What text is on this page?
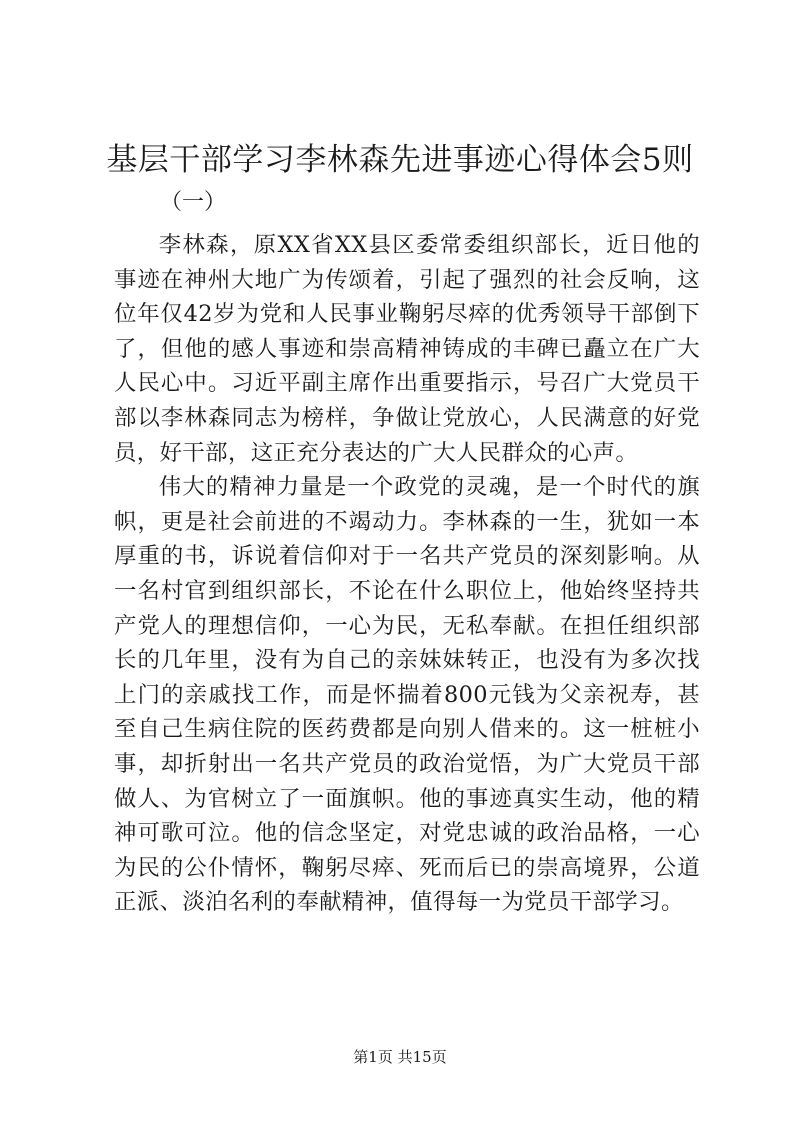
基层干部学习李林森先进事迹心得体会5则
（一）

李林森，原XX省XX县区委常委组织部长，近日他的事迹在神州大地广为传颂着，引起了强烈的社会反响，这位年仅42岁为党和人民事业鞠躬尽瘁的优秀领导干部倒下了，但他的感人事迹和崇高精神铸成的丰碑已矗立在广大人民心中。习近平副主席作出重要指示，号召广大党员干部以李林森同志为榜样，争做让党放心，人民满意的好党员，好干部，这正充分表达的广大人民群众的心声。

伟大的精神力量是一个政党的灵魂，是一个时代的旗帜，更是社会前进的不竭动力。李林森的一生，犹如一本厚重的书，诉说着信仰对于一名共产党员的深刻影响。从一名村官到组织部长，不论在什么职位上，他始终坚持共产党人的理想信仰，一心为民，无私奉献。在担任组织部长的几年里，没有为自己的亲妹妹转正，也没有为多次找上门的亲戚找工作，而是怀揣着800元钱为父亲祝寿，甚至自己生病住院的医药费都是向别人借来的。这一桩桩小事，却折射出一名共产党员的政治觉悟，为广大党员干部做人、为官树立了一面旗帜。他的事迹真实生动，他的精神可歌可泣。他的信念坚定，对党忠诚的政治品格，一心为民的公仆情怀，鞠躬尽瘁、死而后已的崇高境界，公道正派、淡泊名利的奉献精神，值得每一为党员干部学习。

第1页 共15页
